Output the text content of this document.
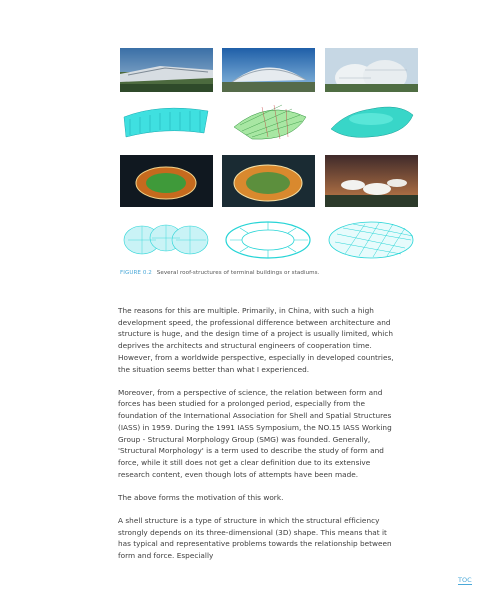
FIGURE 0.2 Several roof-structures of terminal buildings or stadiums.

The reasons for this are multiple. Primarily, in China, with such a high development speed, the professional difference between architecture and structure is huge, and the design time of a project is usually limited, which deprives the architects and structural engineers of cooperation time. However, from a worldwide perspective, especially in developed countries, the situation seems better than what I experienced.

Moreover, from a perspective of science, the relation between form and forces has been studied for a prolonged period, especially from the foundation of the International Association for Shell and Spatial Structures (IASS) in 1959. During the 1991 IASS Symposium, the NO.15 IASS Working Group - Structural Morphology Group (SMG) was founded. Generally, 'Structural Morphology' is a term used to describe the study of form and force, while it still does not get a clear definition due to its extensive research content, even though lots of attempts have been made.

The above forms the motivation of this work.

A shell structure is a type of structure in which the structural efficiency strongly depends on its three-dimensional (3D) shape. This means that it has typical and representative problems towards the relationship between form and force. Especially

TOC
